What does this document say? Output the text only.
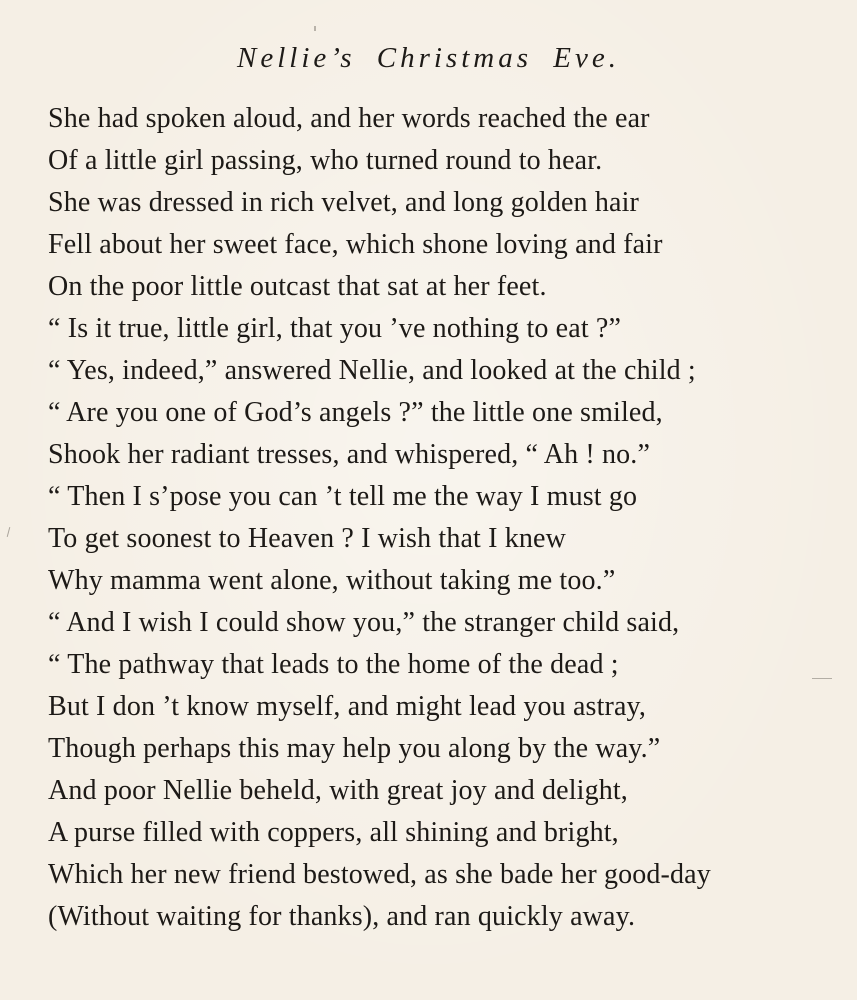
Nellie’s Christmas Eve.
She had spoken aloud, and her words reached the ear
Of a little girl passing, who turned round to hear.
She was dressed in rich velvet, and long golden hair
Fell about her sweet face, which shone loving and fair
On the poor little outcast that sat at her feet.
“ Is it true, little girl, that you ’ve nothing to eat ?”
“ Yes, indeed,” answered Nellie, and looked at the child ;
“ Are you one of God’s angels ?” the little one smiled,
Shook her radiant tresses, and whispered, “ Ah ! no.”
“ Then I s’pose you can ’t tell me the way I must go
To get soonest to Heaven ? I wish that I knew
Why mamma went alone, without taking me too.”
“ And I wish I could show you,” the stranger child said,
“ The pathway that leads to the home of the dead ;
But I don ’t know myself, and might lead you astray,
Though perhaps this may help you along by the way.”
And poor Nellie beheld, with great joy and delight,
A purse filled with coppers, all shining and bright,
Which her new friend bestowed, as she bade her good-day
(Without waiting for thanks), and ran quickly away.
